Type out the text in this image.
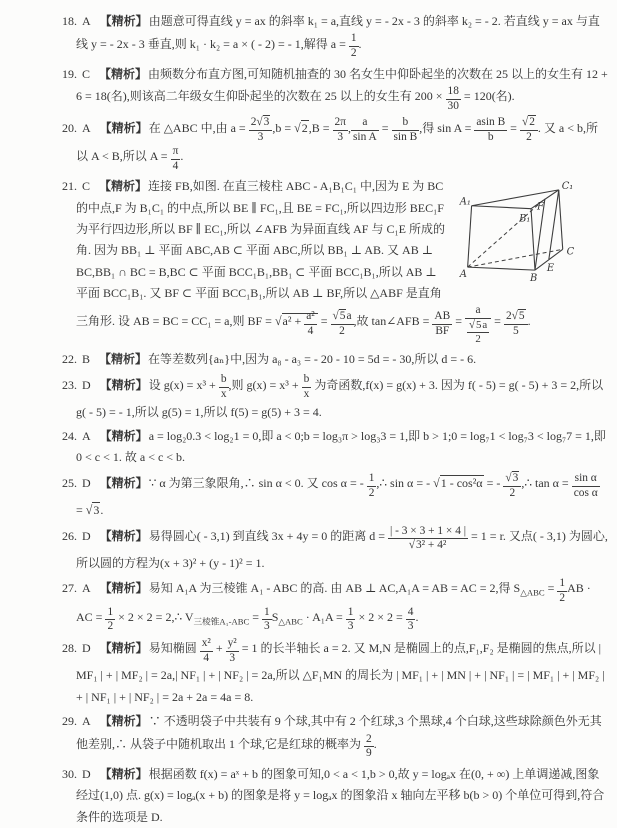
18. A 【精析】由题意可得直线 y = ax 的斜率 k₁ = a,直线 y = - 2x - 3 的斜率 k₂ = - 2. 若直线 y = ax 与直线 y = - 2x - 3 垂直,则 k₁ · k₂ = a × ( - 2) = - 1,解得 $a = \frac{1}{2}$ .

19. C 【精析】由频数分布直方图,可知随机抽查的 30 名女生中仰卧起坐的次数在 25 以上的女生有 12 + 6 = 18(名),则该高二年级女生仰卧起坐的次数在 25 以上的女生有 $200 \times \frac{18}{30} = 120$(名).

20. A 【精析】在 △ABC 中,由 $a = \frac{2√3}{3} ,b = √2,B = \frac{2\pi}{3}$ , $\frac{a}{\text{sin A}} = \frac{b}{\text{sin B}}$ ,得 $\sin A = \frac{\text{asin B}}{b} = \frac{√2}{2}$ . 又 a < b,所以 A < B,所以 $A = \frac{\pi}{4}$ .

A₁
C₁
B₁
F
A	B
E
C
21. C 【精析】连接 FB,如图. 在直三棱柱 ABC - A₁B₁C₁ 中,因为 E 为 BC 的中点,F 为 B₁C₁ 的中点,所以 BE ∥ FC₁,且 BE = FC₁,所以四边形 BEC₁F 为平行四边形,所以 BF ∥ EC₁,所以 ∠AFB 为异面直线 AF 与 C₁E 所成的角. 因为 BB₁ ⊥ 平面 ABC,AB ⊂ 平面 ABC,所以 BB₁ ⊥ AB. 又 AB ⊥ BC,BB₁ ∩ BC = B,BC ⊂ 平面 BCC₁B₁,BB₁ ⊂ 平面 BCC₁B₁,所以 AB ⊥ 平面 BCC₁B₁. 又 BF ⊂ 平面 BCC₁B₁,所以 AB ⊥ BF,所以 △ABF 是直角三角形. 设 AB = BC = CC₁ = a,则 BF = $√a^2 + \frac{\text{a²}}{4} = \frac{√5a}{2}$ ,故 tan∠AFB = $\frac{AB}{BF} = \frac{a}{\frac{√5a}{2}} = \frac{2√5}{5}$ .

22. B 【精析】在等差数列{aₙ}中,因为 a₈ - a₃ = - 20 - 10 = 5d = - 30,所以 d = - 6.

23. D 【精析】设 $g(x) = x^3 + \frac{b}{x}$ ,则 $g(x) = x^3 + \frac{b}{x}$ 为奇函数,f(x) = g(x) + 3. 因为 f( - 5) = g( - 5) + 3 = 2,所以 g( - 5) = - 1,所以 g(5) = 1,所以 f(5) = g(5) + 3 = 4.

24. A 【精析】a = log₂0.3 < log₂1 = 0,即 a < 0;b = log₃π > log₃3 = 1,即 b > 1;0 = log₇1 < log₇3 < log₇7 = 1,即 0 < c < 1. 故 a < c < b.

25. D 【精析】∵ α 为第三象限角,∴ sin α < 0. 又 cos α = - $\frac{1}{2}$ ,∴ sin α = - √1 - cos²α = - $\frac{√3}{2}$ ,∴ $\tan \alpha = \frac{\text{sin α}}{\text{cos α}}$
= √3.

26. D 【精析】易得圆心( - 3,1) 到直线 3x + 4y = 0 的距离 $d = \frac{| - 3 \times 3 + 1 \times 4 |}{\text{√3² + 4²}} = 1 = r$. 又点( - 3,1) 为圆心,所以圆的方程为(x + 3)² + (y - 1)² = 1.

27. A 【精析】易知 A₁A 为三棱锥 A₁ - ABC 的高. 由 AB ⊥ AC,A₁A = AB = AC = 2,得 $S_{\triangle ABC} = \frac{1}{2}$ AB · AC = $\frac{1}{2} \times 2 \times 2$ = 2,∴ $V_{三棱锥A_1-ABC} = \frac{1}{3} S_{\triangle ABC} \cdot A_1A = \frac{1}{3} \times 2 \times 2 = \frac{4}{3}$ .

28. D 【精析】易知椭圆 $\frac{\text{x²}}{4} + \frac{\text{y²}}{3} = 1$ 的长半轴长 a = 2. 又 M,N 是椭圆上的点,F₁,F₂ 是椭圆的焦点,所以 | MF₁ | + | MF₂ | = 2a,| NF₁ | + | NF₂ | = 2a,所以 △F₁MN 的周长为 | MF₁ | + | MN | + | NF₁ | = | MF₁ | + | MF₂ | + | NF₁ | + | NF₂ | = 2a + 2a = 4a = 8.

29. A 【精析】∵ 不透明袋子中共装有 9 个球,其中有 2 个红球,3 个黑球,4 个白球,这些球除颜色外无其他差别,∴ 从袋子中随机取出 1 个球,它是红球的概率为 $\frac{2}{9}$ .

30. D 【精析】根据函数 f(x) = aˣ + b 的图象可知,0 < a < 1,b > 0,故 y = logₐx 在(0, + ∞) 上单调递减,图象经过(1,0) 点. g(x) = logₐ(x + b) 的图象是将 y = logₐx 的图象沿 x 轴向左平移 b(b > 0) 个单位可得到,符合条件的选项是 D.
